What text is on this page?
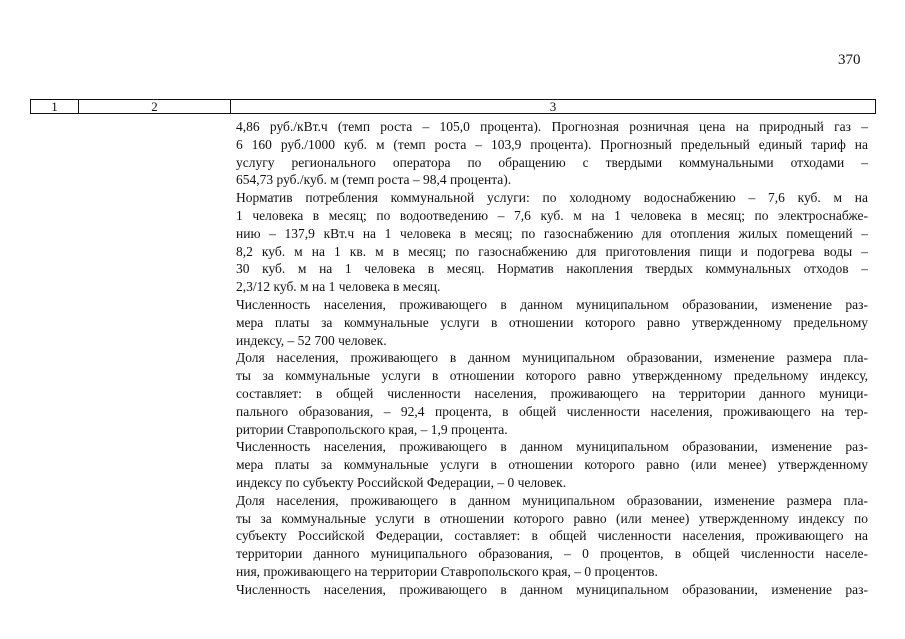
370
1	2	3
4,86 руб./кВт.ч (темп роста – 105,0 процента). Прогнозная розничная цена на природный газ –
6 160 руб./1000 куб. м (темп роста – 103,9 процента). Прогнозный предельный единый тариф на
услугу регионального оператора по обращению с твердыми коммунальными отходами –
654,73 руб./куб. м (темп роста – 98,4 процента).
Норматив потребления коммунальной услуги: по холодному водоснабжению – 7,6 куб. м на
1 человека в месяц; по водоотведению – 7,6 куб. м на 1 человека в месяц; по электроснабже-
нию – 137,9 кВт.ч на 1 человека в месяц; по газоснабжению для отопления жилых помещений –
8,2 куб. м на 1 кв. м в месяц; по газоснабжению для приготовления пищи и подогрева воды –
30 куб. м на 1 человека в месяц. Норматив накопления твердых коммунальных отходов –
2,3/12 куб. м на 1 человека в месяц.
Численность населения, проживающего в данном муниципальном образовании, изменение раз-
мера платы за коммунальные услуги в отношении которого равно утвержденному предельному
индексу, – 52 700 человек.
Доля населения, проживающего в данном муниципальном образовании, изменение размера пла-
ты за коммунальные услуги в отношении которого равно утвержденному предельному индексу,
составляет: в общей численности населения, проживающего на территории данного муници-
пального образования, – 92,4 процента, в общей численности населения, проживающего на тер-
ритории Ставропольского края, – 1,9 процента.
Численность населения, проживающего в данном муниципальном образовании, изменение раз-
мера платы за коммунальные услуги в отношении которого равно (или менее) утвержденному
индексу по субъекту Российской Федерации, – 0 человек.
Доля населения, проживающего в данном муниципальном образовании, изменение размера пла-
ты за коммунальные услуги в отношении которого равно (или менее) утвержденному индексу по
субъекту Российской Федерации, составляет: в общей численности населения, проживающего на
территории данного муниципального образования, – 0 процентов, в общей численности населе-
ния, проживающего на территории Ставропольского края, – 0 процентов.
Численность населения, проживающего в данном муниципальном образовании, изменение раз-
